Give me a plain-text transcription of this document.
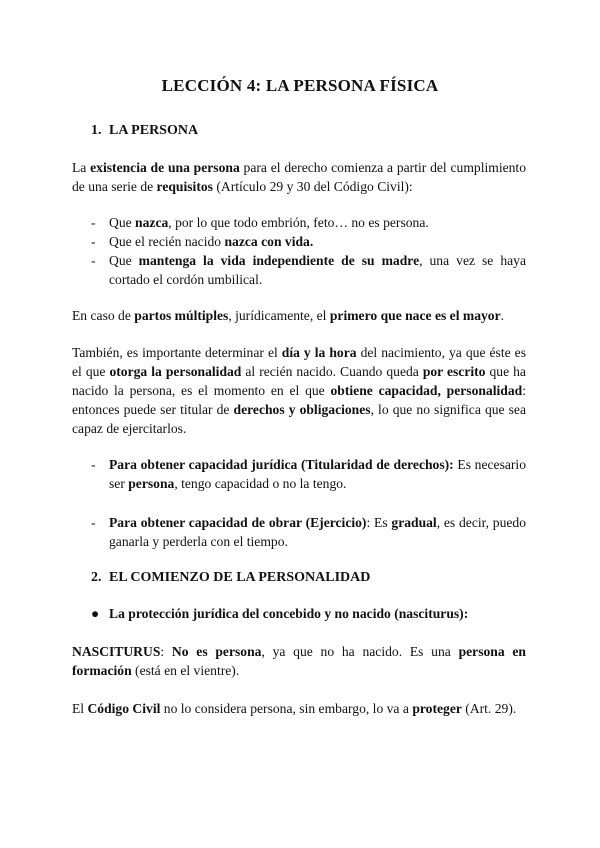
LECCIÓN 4: LA PERSONA FÍSICA
1. LA PERSONA

La existencia de una persona para el derecho comienza a partir del cumplimiento de una serie de requisitos (Artículo 29 y 30 del Código Civil):

- Que nazca, por lo que todo embrión, feto… no es persona.
- Que el recién nacido nazca con vida.
- Que mantenga la vida independiente de su madre, una vez se haya cortado el cordón umbilical.

En caso de partos múltiples, jurídicamente, el primero que nace es el mayor.

También, es importante determinar el día y la hora del nacimiento, ya que éste es el que otorga la personalidad al recién nacido. Cuando queda por escrito que ha nacido la persona, es el momento en el que obtiene capacidad, personalidad: entonces puede ser titular de derechos y obligaciones, lo que no significa que sea capaz de ejercitarlos.

- Para obtener capacidad jurídica (Titularidad de derechos): Es necesario ser persona, tengo capacidad o no la tengo.
- Para obtener capacidad de obrar (Ejercicio): Es gradual, es decir, puedo ganarla y perderla con el tiempo.
2. EL COMIENZO DE LA PERSONALIDAD
● La protección jurídica del concebido y no nacido (nasciturus):

NASCITURUS: No es persona, ya que no ha nacido. Es una persona en formación (está en el vientre).

El Código Civil no lo considera persona, sin embargo, lo va a proteger (Art. 29).
